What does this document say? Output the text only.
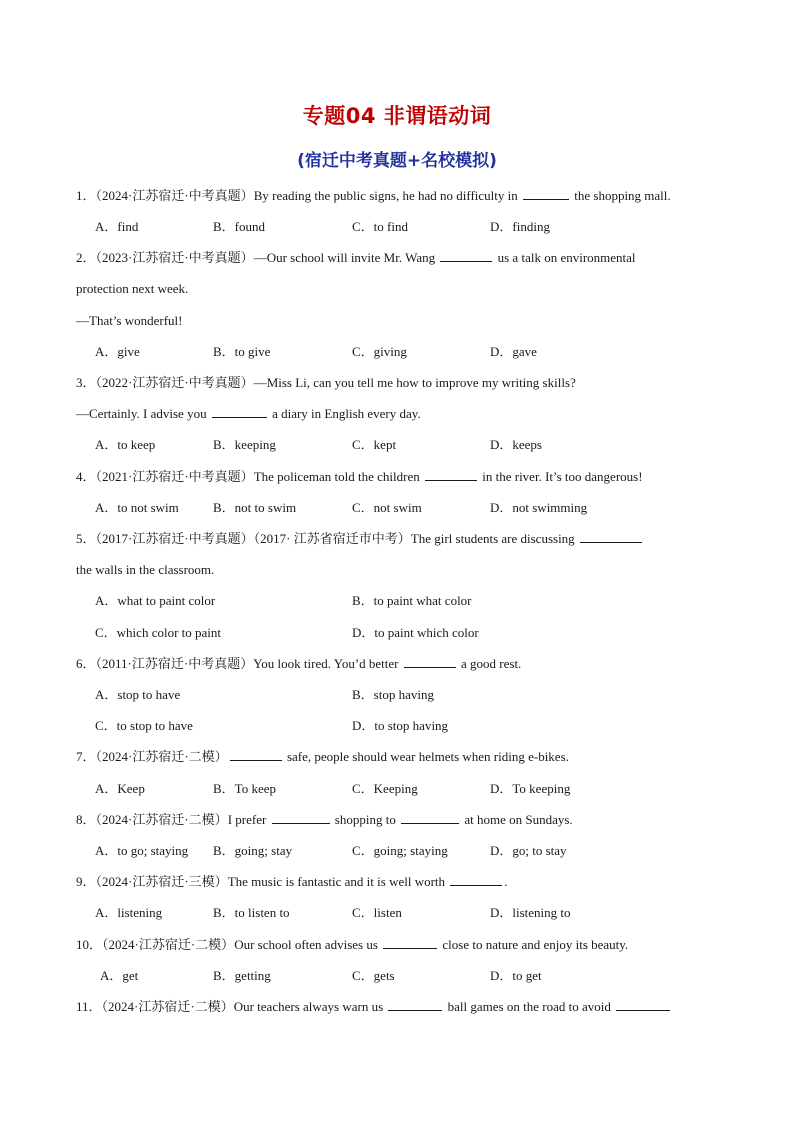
专题04 非谓语动词
(宿迁中考真题+名校模拟)
1．（2024·江苏宿迁·中考真题）By reading the public signs, he had no difficulty in	the shopping mall.
A．find	B．found	C．to find	D．finding
2．（2023·江苏宿迁·中考真题）—Our school will invite Mr. Wang	us a talk on environmental
protection next week.
—That’s wonderful!
A．give	B．to give	C．giving	D．gave
3．（2022·江苏宿迁·中考真题）—Miss Li, can you tell me how to improve my writing skills?
—Certainly. I advise you	a diary in English every day.
A．to keep	B．keeping	C．kept	D．keeps
4．（2021·江苏宿迁·中考真题）The policeman told the children	in the river. It’s too dangerous!
A．to not swim	B．not to swim	C．not swim	D．not swimming
5．（2017·江苏宿迁·中考真题）（2017· 江苏省宿迁市中考）The girl students are discussing
the walls in the classroom.
A．what to paint color	B．to paint what color
C．which color to paint	D．to paint which color
6．（2011·江苏宿迁·中考真题）You look tired. You’d better	a good rest.
A．stop to have	B．stop having
C．to stop to have	D．to stop having
7．（2024·江苏宿迁·二模）	safe, people should wear helmets when riding e-bikes.
A．Keep	B．To keep	C．Keeping	D．To keeping
8．（2024·江苏宿迁·二模）I prefer	shopping to	at home on Sundays.
A．to go; staying B．going; stay	C．going; staying	D．go; to stay
9．（2024·江苏宿迁·三模）The music is fantastic and it is well worth	.
A．listening	B．to listen to	C．listen	D．listening to
10．（2024·江苏宿迁·二模）Our school often advises us	close to nature and enjoy its beauty.
A．get	B．getting	C．gets	D．to get
11．（2024·江苏宿迁·二模）Our teachers always warn us	ball games on the road to avoid
